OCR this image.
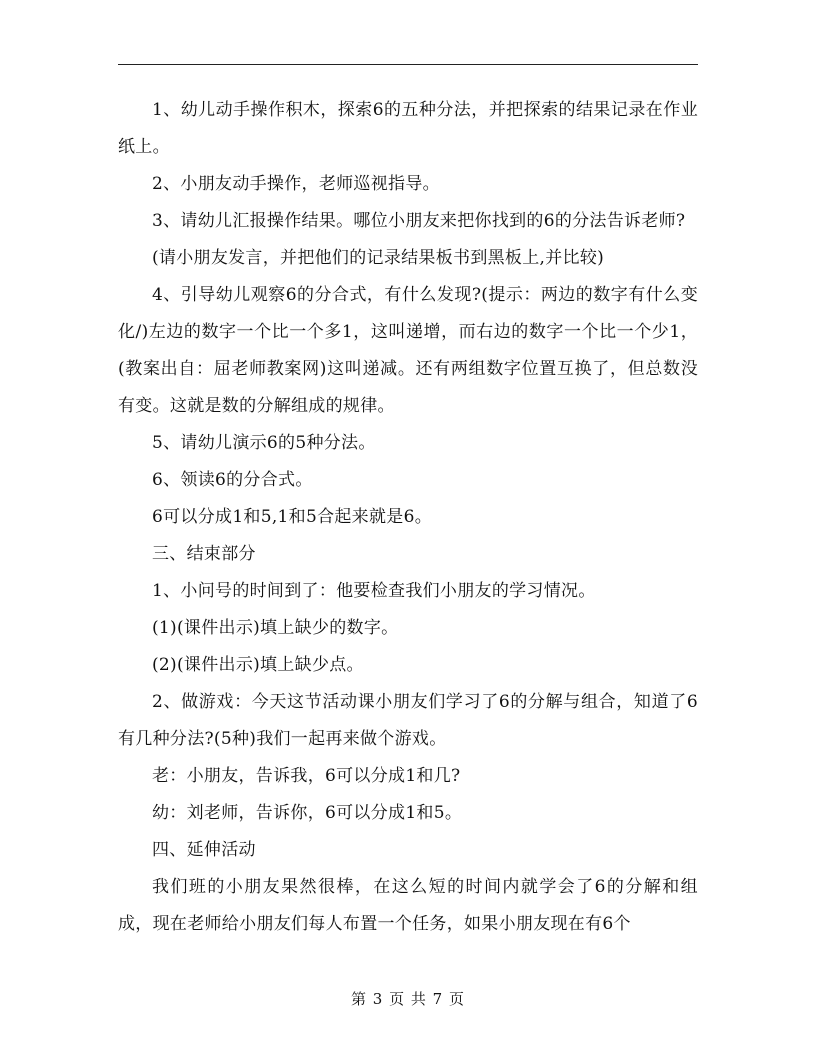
1、幼儿动手操作积木，探索6的五种分法，并把探索的结果记录在作业纸上。

2、小朋友动手操作，老师巡视指导。

3、请幼儿汇报操作结果。哪位小朋友来把你找到的6的分法告诉老师?

(请小朋友发言，并把他们的记录结果板书到黑板上,并比较)

4、引导幼儿观察6的分合式，有什么发现?(提示：两边的数字有什么变化/)左边的数字一个比一个多1，这叫递增，而右边的数字一个比一个少1，(教案出自：屈老师教案网)这叫递减。还有两组数字位置互换了，但总数没有变。这就是数的分解组成的规律。

5、请幼儿演示6的5种分法。

6、领读6的分合式。

6可以分成1和5,1和5合起来就是6。

三、结束部分

1、小问号的时间到了：他要检查我们小朋友的学习情况。

(1)(课件出示)填上缺少的数字。

(2)(课件出示)填上缺少点。

2、做游戏：今天这节活动课小朋友们学习了6的分解与组合，知道了6有几种分法?(5种)我们一起再来做个游戏。

老：小朋友，告诉我，6可以分成1和几?

幼：刘老师，告诉你，6可以分成1和5。

四、延伸活动

我们班的小朋友果然很棒，在这么短的时间内就学会了6的分解和组成，现在老师给小朋友们每人布置一个任务，如果小朋友现在有6个

第 3 页 共 7 页
